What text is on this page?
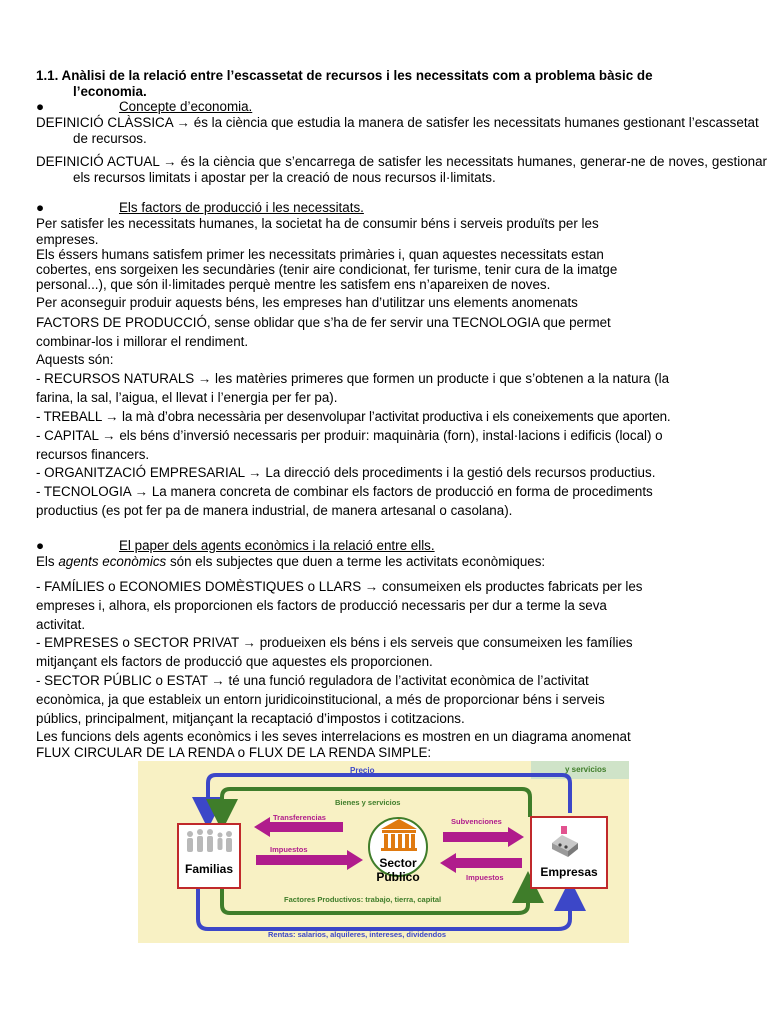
1.1. Anàlisi de la relació entre l’escassetat de recursos i les necessitats com a problema bàsic de
l’economia.
●	Concepte d’economia.
DEFINICIÓ CLÀSSICA → és la ciència que estudia la manera de satisfer les necessitats humanes gestionant l’escassetat de recursos.
DEFINICIÓ ACTUAL → és la ciència que s’encarrega de satisfer les necessitats humanes, generar-ne de noves, gestionar els recursos limitats i apostar per la creació de nous recursos il·limitats.
●	Els factors de producció i les necessitats.
Per satisfer les necessitats humanes, la societat ha de consumir béns i serveis produïts per les
empreses.
Els éssers humans satisfem primer les necessitats primàries i, quan aquestes necessitats estan
cobertes, ens sorgeixen les secundàries (tenir aire condicionat, fer turisme, tenir cura de la imatge
personal...), que són il·limitades perquè mentre les satisfem ens n’apareixen de noves.
Per aconseguir produir aquests béns, les empreses han d’utilitzar uns elements anomenats
FACTORS DE PRODUCCIÓ, sense oblidar que s’ha de fer servir una TECNOLOGIA que permet
combinar-los i millorar el rendiment.
Aquests són:
- RECURSOS NATURALS → les matèries primeres que formen un producte i que s’obtenen a la natura (la
farina, la sal, l’aigua, el llevat i l’energia per fer pa).
- TREBALL → la mà d’obra necessària per desenvolupar l’activitat productiva i els coneixements que aporten.
- CAPITAL → els béns d’inversió necessaris per produir: maquinària (forn), instal·lacions i edificis (local) o
recursos financers.
- ORGANITZACIÓ EMPRESARIAL → La direcció dels procediments i la gestió dels recursos productius.
- TECNOLOGIA → La manera concreta de combinar els factors de producció en forma de procediments
productius (es pot fer pa de manera industrial, de manera artesanal o casolana).
●	El paper dels agents econòmics i la relació entre ells.
Els agents econòmics són els subjectes que duen a terme les activitats econòmiques:
- FAMÍLIES o ECONOMIES DOMÈSTIQUES o LLARS → consumeixen els productes fabricats per les
empreses i, alhora, els proporcionen els factors de producció necessaris per dur a terme la seva
activitat.
- EMPRESES o SECTOR PRIVAT → produeixen els béns i els serveis que consumeixen les famílies
mitjançant els factors de producció que aquestes els proporcionen.
- SECTOR PÚBLIC o ESTAT → té una funció reguladora de l’activitat econòmica de l’activitat
econòmica, ja que estableix un entorn juridicoinstitucional, a més de proporcionar béns i serveis
públics, principalment, mitjançant la recaptació d’impostos i cotitzacions.
Les funcions dels agents econòmics i les seves interrelacions es mostren en un diagrama anomenat
FLUX CIRCULAR DE LA RENDA o FLUX DE LA RENDA SIMPLE:
Precio	y servicios
Bienes y servicios
Transferencias	Subvenciones
Impuestos
Impuestos
Familias	Sector
Público	Empresas
Factores Productivos: trabajo, tierra, capital
Rentas: salarios, alquileres, intereses, dividendos
